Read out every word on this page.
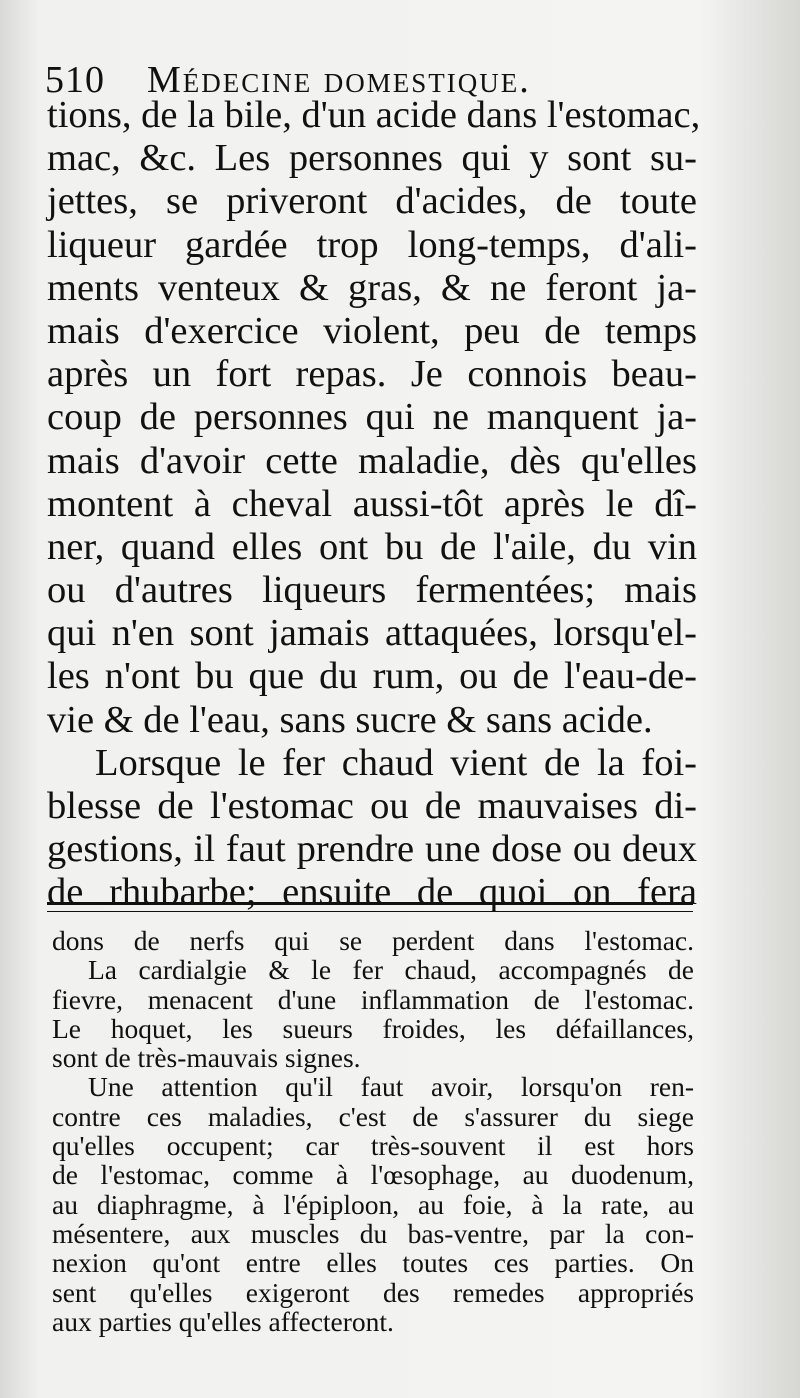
510 Médecine domestique.
tions, de la bile, d'un acide dans l'estomac,
mac, &c. Les personnes qui y sont su-
jettes, se priveront d'acides, de toute
liqueur gardée trop long-temps, d'ali-
ments venteux & gras, & ne feront ja-
mais d'exercice violent, peu de temps
après un fort repas. Je connois beau-
coup de personnes qui ne manquent ja-
mais d'avoir cette maladie, dès qu'elles
montent à cheval aussi-tôt après le dî-
ner, quand elles ont bu de l'aile, du vin
ou d'autres liqueurs fermentées; mais
qui n'en sont jamais attaquées, lorsqu'el-
les n'ont bu que du rum, ou de l'eau-de-
vie & de l'eau, sans sucre & sans acide.
Lorsque le fer chaud vient de la foi-
blesse de l'estomac ou de mauvaises di-
gestions, il faut prendre une dose ou deux
de rhubarbe; ensuite de quoi on fera
dons de nerfs qui se perdent dans l'estomac.
La cardialgie & le fer chaud, accompagnés de
fievre, menacent d'une inflammation de l'estomac.
Le hoquet, les sueurs froides, les défaillances,
sont de très-mauvais signes.
Une attention qu'il faut avoir, lorsqu'on ren-
contre ces maladies, c'est de s'assurer du siege
qu'elles occupent; car très-souvent il est hors
de l'estomac, comme à l'œsophage, au duodenum,
au diaphragme, à l'épiploon, au foie, à la rate, au
mésentere, aux muscles du bas-ventre, par la con-
nexion qu'ont entre elles toutes ces parties. On
sent qu'elles exigeront des remedes appropriés
aux parties qu'elles affecteront.
